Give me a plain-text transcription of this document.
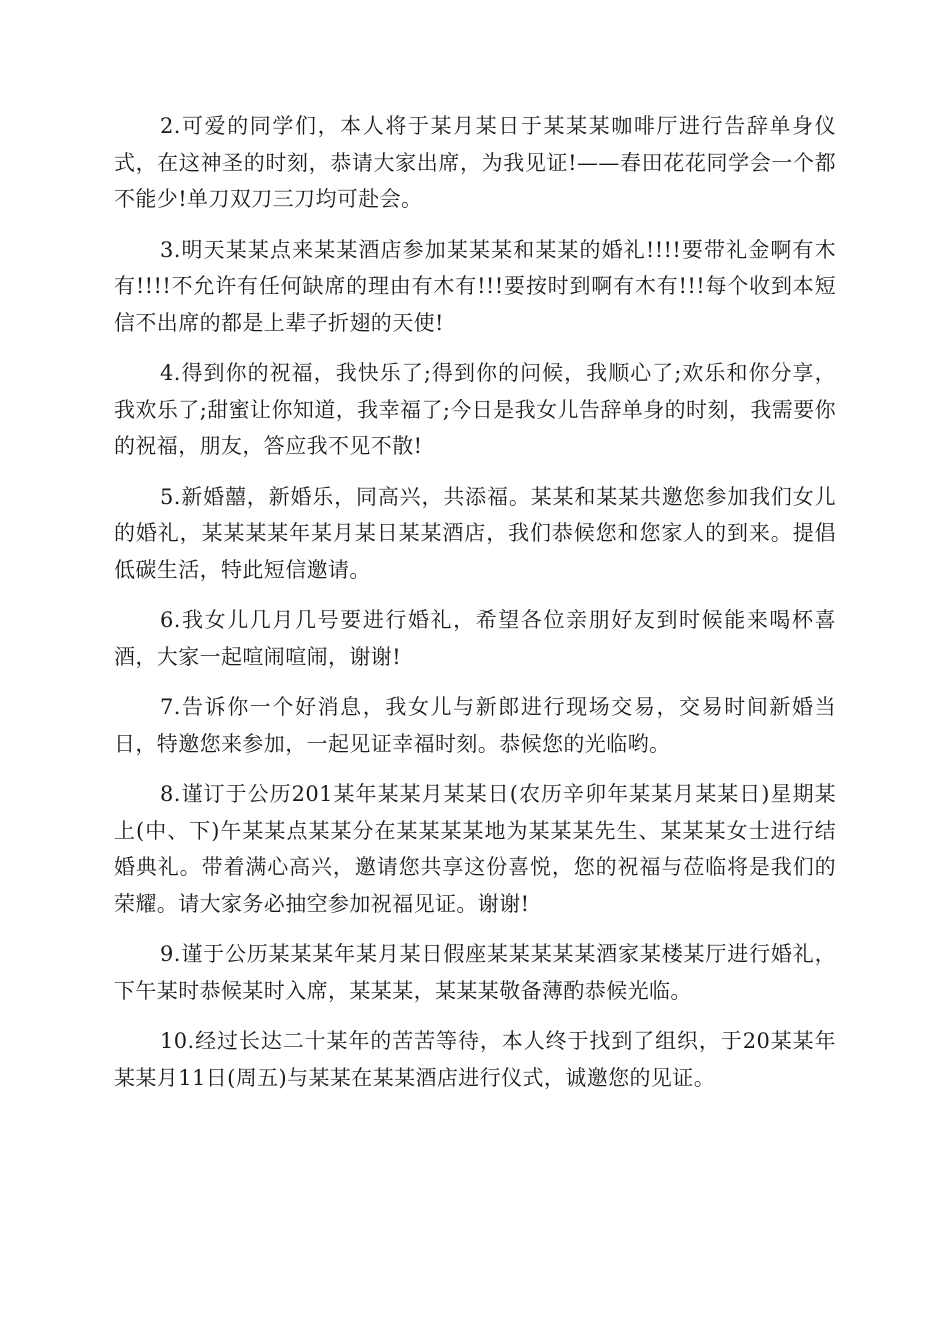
2.可爱的同学们，本人将于某月某日于某某某咖啡厅进行告辞单身仪式，在这神圣的时刻，恭请大家出席，为我见证!——春田花花同学会一个都不能少!单刀双刀三刀均可赴会。

3.明天某某点来某某酒店参加某某某和某某的婚礼!!!!要带礼金啊有木有!!!!不允许有任何缺席的理由有木有!!!要按时到啊有木有!!!每个收到本短信不出席的都是上辈子折翅的天使!

4.得到你的祝福，我快乐了;得到你的问候，我顺心了;欢乐和你分享，我欢乐了;甜蜜让你知道，我幸福了;今日是我女儿告辞单身的时刻，我需要你的祝福，朋友，答应我不见不散!

5.新婚囍，新婚乐，同高兴，共添福。某某和某某共邀您参加我们女儿的婚礼，某某某某年某月某日某某酒店，我们恭候您和您家人的到来。提倡低碳生活，特此短信邀请。

6.我女儿几月几号要进行婚礼，希望各位亲朋好友到时候能来喝杯喜酒，大家一起喧闹喧闹，谢谢!

7.告诉你一个好消息，我女儿与新郎进行现场交易，交易时间新婚当日，特邀您来参加，一起见证幸福时刻。恭候您的光临哟。

8.谨订于公历201某年某某月某某日(农历辛卯年某某月某某日)星期某上(中、下)午某某点某某分在某某某某地为某某某先生、某某某女士进行结婚典礼。带着满心高兴，邀请您共享这份喜悦，您的祝福与莅临将是我们的荣耀。请大家务必抽空参加祝福见证。谢谢!

9.谨于公历某某某年某月某日假座某某某某某酒家某楼某厅进行婚礼，下午某时恭候某时入席，某某某，某某某敬备薄酌恭候光临。

10.经过长达二十某年的苦苦等待，本人终于找到了组织，于20某某年某某月11日(周五)与某某在某某酒店进行仪式，诚邀您的见证。
